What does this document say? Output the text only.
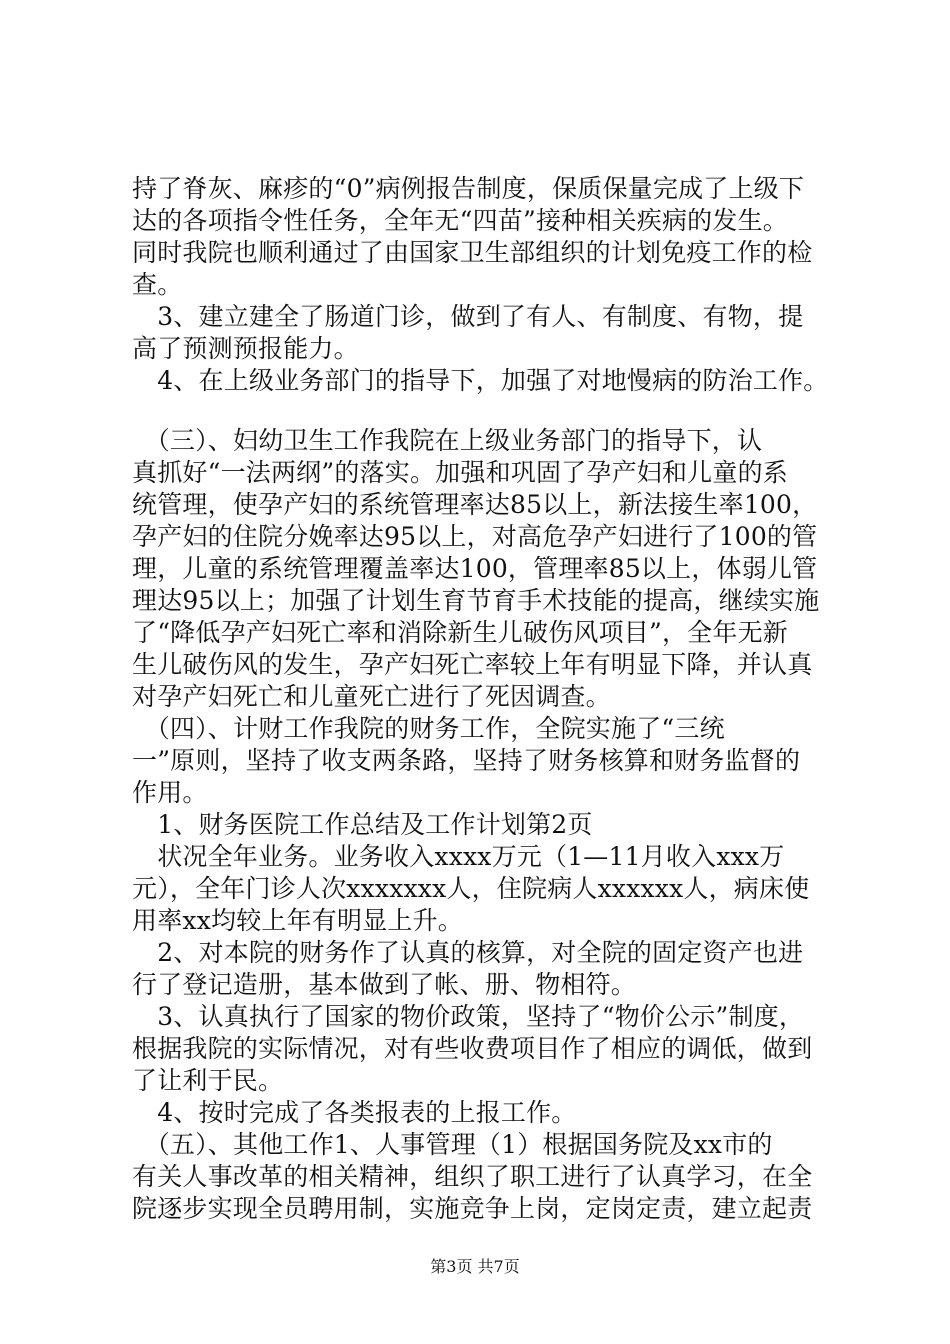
持了脊灰、麻疹的“0”病例报告制度，保质保量完成了上级下
达的各项指令性任务，全年无“四苗”接种相关疾病的发生。
同时我院也顺利通过了由国家卫生部组织的计划免疫工作的检
查。
　3、建立建全了肠道门诊，做到了有人、有制度、有物，提
高了预测预报能力。
　4、在上级业务部门的指导下，加强了对地慢病的防治工作。
　（三）、妇幼卫生工作我院在上级业务部门的指导下，认
真抓好“一法两纲”的落实。加强和巩固了孕产妇和儿童的系
统管理，使孕产妇的系统管理率达85以上，新法接生率100，
孕产妇的住院分娩率达95以上，对高危孕产妇进行了100的管
理，儿童的系统管理覆盖率达100，管理率85以上，体弱儿管
理达95以上；加强了计划生育节育手术技能的提高，继续实施
了“降低孕产妇死亡率和消除新生儿破伤风项目”，全年无新
生儿破伤风的发生，孕产妇死亡率较上年有明显下降，并认真
对孕产妇死亡和儿童死亡进行了死因调查。
　（四）、计财工作我院的财务工作，全院实施了“三统
一”原则，坚持了收支两条路，坚持了财务核算和财务监督的
作用。
　1、财务医院工作总结及工作计划第2页
　状况全年业务。业务收入xxxx万元（1—11月收入xxx万
元），全年门诊人次xxxxxxx人，住院病人xxxxxx人，病床使
用率xx均较上年有明显上升。
　2、对本院的财务作了认真的核算，对全院的固定资产也进
行了登记造册，基本做到了帐、册、物相符。
　3、认真执行了国家的物价政策，坚持了“物价公示”制度，
根据我院的实际情况，对有些收费项目作了相应的调低，做到
了让利于民。
　4、按时完成了各类报表的上报工作。
　（五）、其他工作1、人事管理（1）根据国务院及xx市的
有关人事改革的相关精神，组织了职工进行了认真学习，在全
院逐步实现全员聘用制，实施竞争上岗，定岗定责，建立起责
第3页 共7页
